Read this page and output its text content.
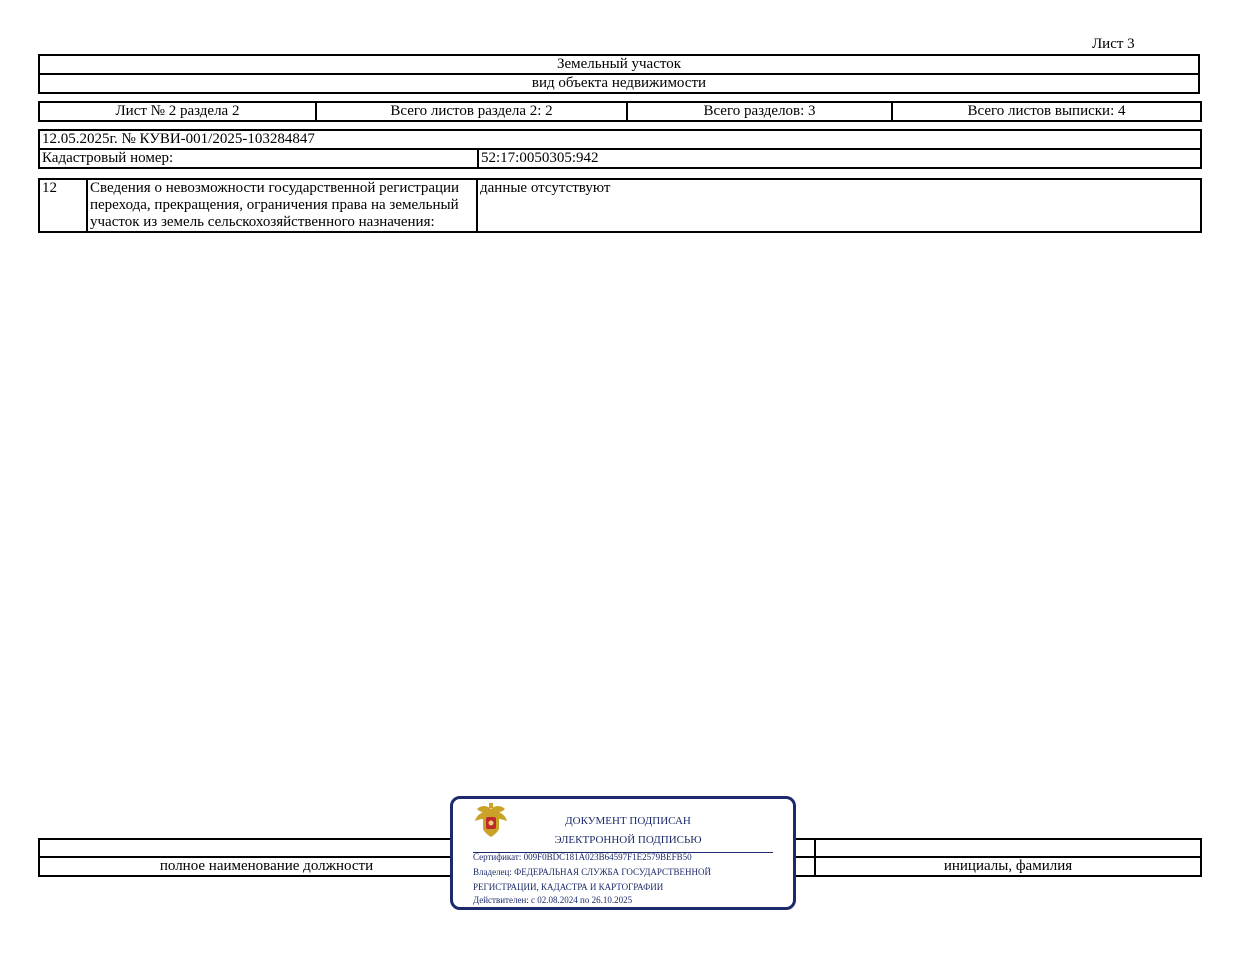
Лист 3
Земельный участок
вид объекта недвижимости
Лист № 2 раздела 2	Всего листов раздела 2: 2	Всего разделов: 3	Всего листов выписки: 4
12.05.2025г. № КУВИ-001/2025-103284847
Кадастровый номер:	52:17:0050305:942
12	Сведения о невозможности государственной регистрации перехода, прекращения, ограничения права на земельный участок из земель сельскохозяйственного назначения:	данные отсутствуют

полное наименование должности		инициалы, фамилия
ДОКУМЕНТ ПОДПИСАН
ЭЛЕКТРОННОЙ ПОДПИСЬЮ
Сертификат: 009F0BDC181A023B64597F1E2579BEFB50
Владелец: ФЕДЕРАЛЬНАЯ СЛУЖБА ГОСУДАРСТВЕННОЙ
РЕГИСТРАЦИИ, КАДАСТРА И КАРТОГРАФИИ
Действителен: с 02.08.2024 по 26.10.2025
